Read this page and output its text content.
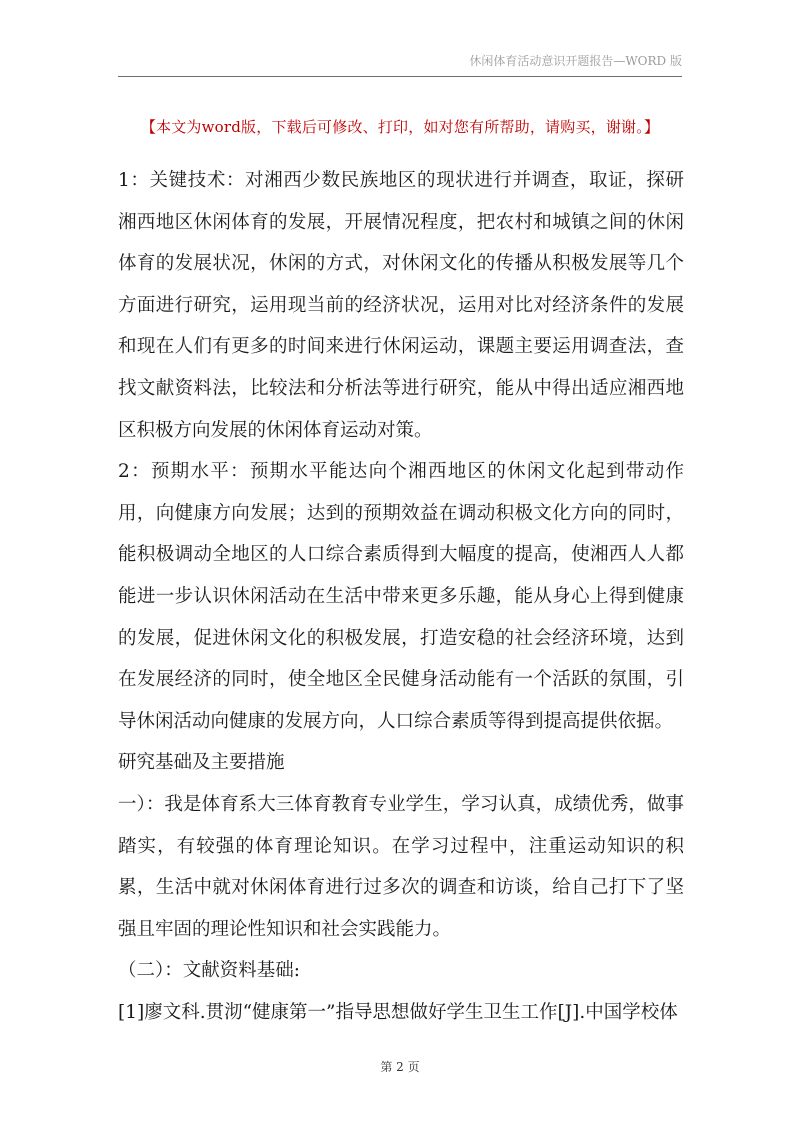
休闲体育活动意识开题报告—WORD 版
【本文为word版，下载后可修改、打印，如对您有所帮助，请购买，谢谢。】

1：关键技术：对湘西少数民族地区的现状进行并调查，取证，探研湘西地区休闲体育的发展，开展情况程度，把农村和城镇之间的休闲体育的发展状况，休闲的方式，对休闲文化的传播从积极发展等几个方面进行研究，运用现当前的经济状况，运用对比对经济条件的发展和现在人们有更多的时间来进行休闲运动，课题主要运用调查法，查找文献资料法，比较法和分析法等进行研究，能从中得出适应湘西地区积极方向发展的休闲体育运动对策。

2：预期水平：预期水平能达向个湘西地区的休闲文化起到带动作用，向健康方向发展；达到的预期效益在调动积极文化方向的同时，能积极调动全地区的人口综合素质得到大幅度的提高，使湘西人人都能进一步认识休闲活动在生活中带来更多乐趣，能从身心上得到健康的发展，促进休闲文化的积极发展，打造安稳的社会经济环境，达到在发展经济的同时，使全地区全民健身活动能有一个活跃的氛围，引导休闲活动向健康的发展方向，人口综合素质等得到提高提供依据。

研究基础及主要措施

一）：我是体育系大三体育教育专业学生，学习认真，成绩优秀，做事踏实，有较强的体育理论知识。在学习过程中，注重运动知识的积累，生活中就对休闲体育进行过多次的调查和访谈，给自己打下了坚强且牢固的理论性知识和社会实践能力。

（二）：文献资料基础:

[1]廖文科.贯沏“健康第一”指导思想做好学生卫生工作[J].中国学校体

第 2 页
